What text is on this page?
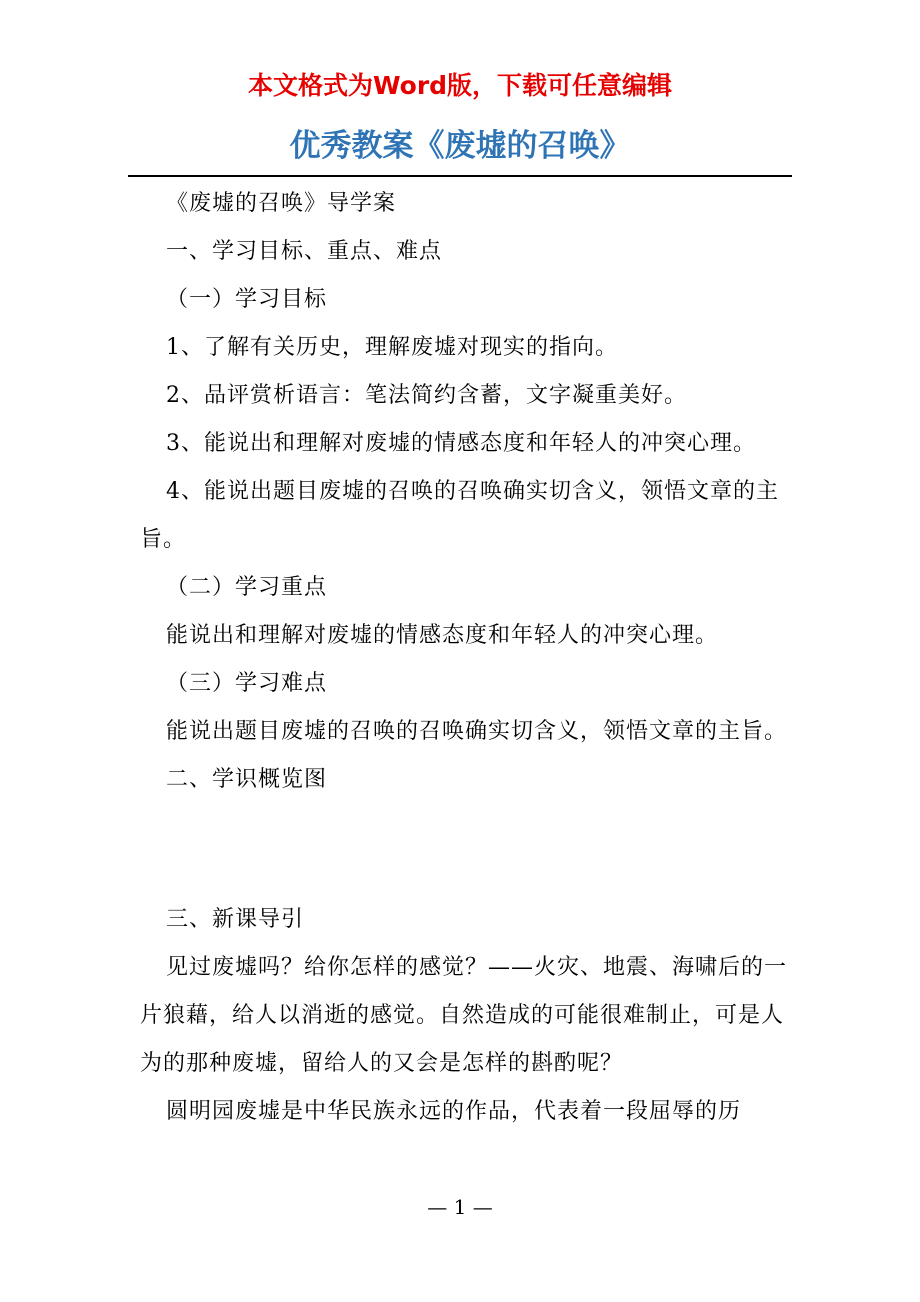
本文格式为Word版，下载可任意编辑
优秀教案《废墟的召唤》

《废墟的召唤》导学案

一、学习目标、重点、难点

（一）学习目标

1、了解有关历史，理解废墟对现实的指向。

2、品评赏析语言：笔法简约含蓄，文字凝重美好。

3、能说出和理解对废墟的情感态度和年轻人的冲突心理。

4、能说出题目废墟的召唤的召唤确实切含义，领悟文章的主旨。

（二）学习重点

能说出和理解对废墟的情感态度和年轻人的冲突心理。

（三）学习难点

能说出题目废墟的召唤的召唤确实切含义，领悟文章的主旨。

二、学识概览图

三、新课导引

见过废墟吗？给你怎样的感觉？——火灾、地震、海啸后的一片狼藉，给人以消逝的感觉。自然造成的可能很难制止，可是人为的那种废墟，留给人的又会是怎样的斟酌呢？

圆明园废墟是中华民族永远的作品，代表着一段屈辱的历

— 1 —
